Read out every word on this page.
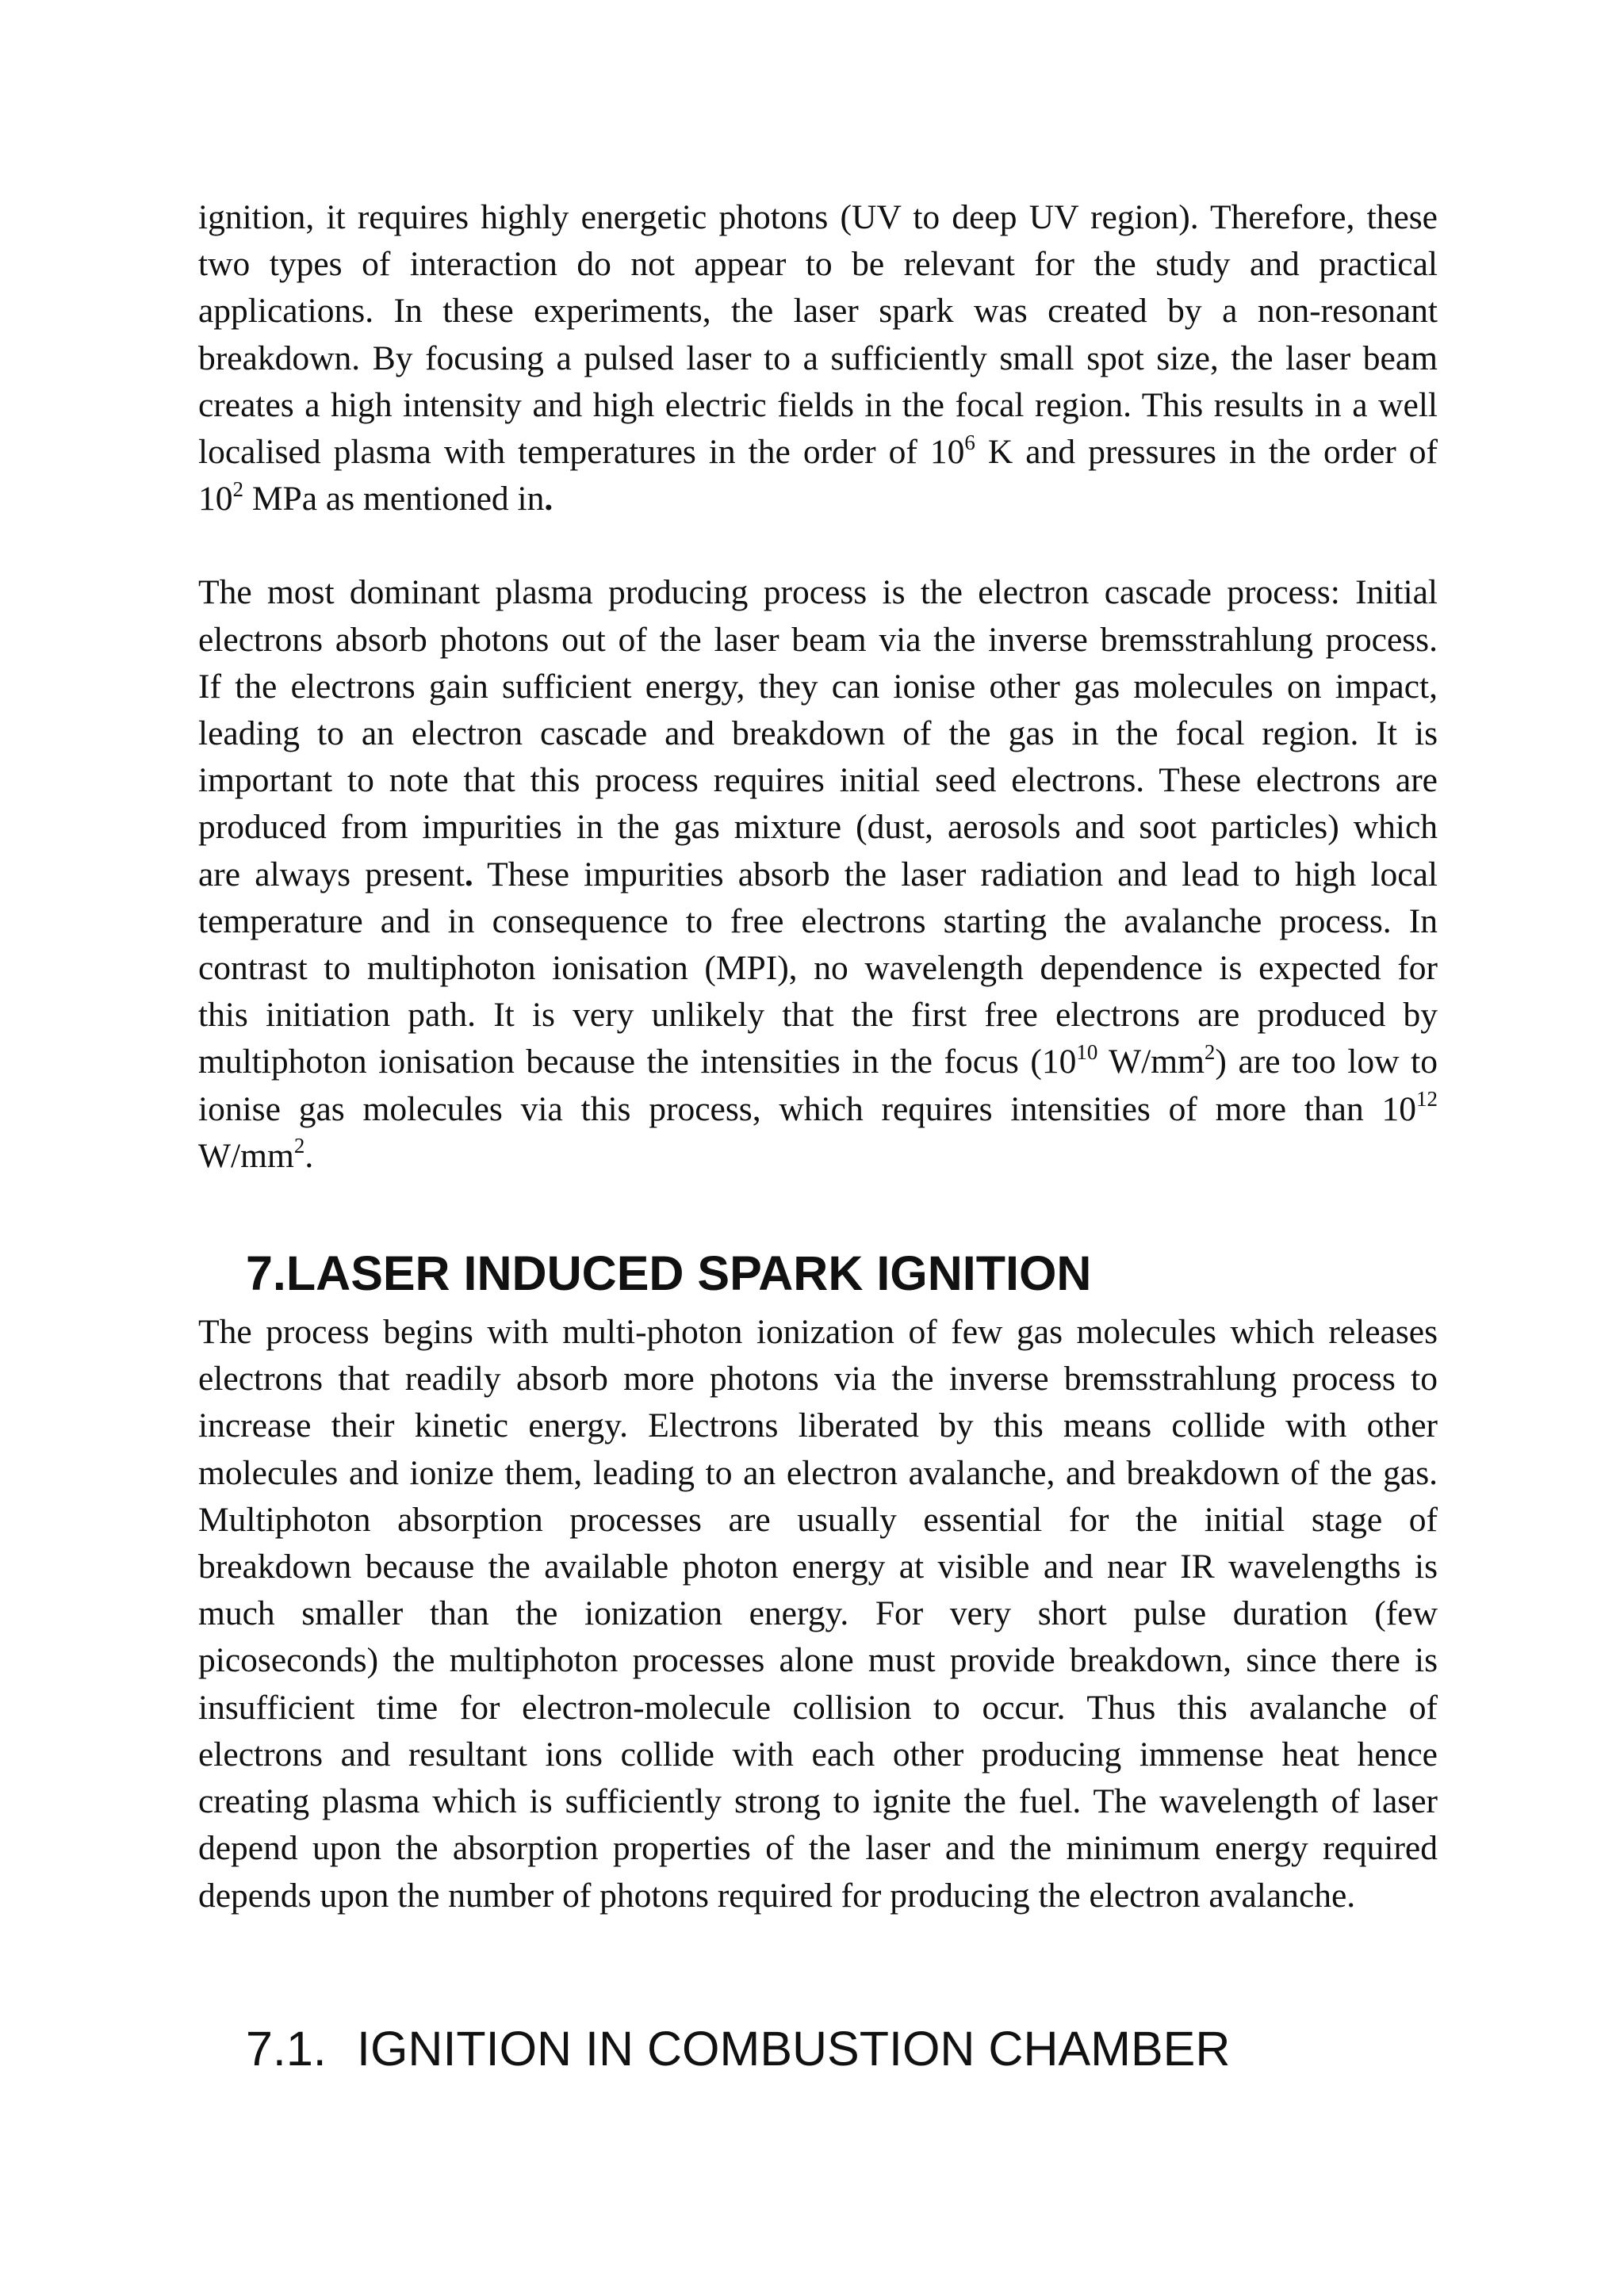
ignition, it requires highly energetic photons (UV to deep UV region). Therefore, these
two types of interaction do not appear to be relevant for the study and practical
applications. In these experiments, the laser spark was created by a non-resonant
breakdown. By focusing a pulsed laser to a sufficiently small spot size, the laser beam
creates a high intensity and high electric fields in the focal region. This results in a well
localised plasma with temperatures in the order of $10^6$ K and pressures in the order of
$10^2$ MPa as mentioned in.

The most dominant plasma producing process is the electron cascade process: Initial
electrons absorb photons out of the laser beam via the inverse bremsstrahlung process.
If the electrons gain sufficient energy, they can ionise other gas molecules on impact,
leading to an electron cascade and breakdown of the gas in the focal region. It is
important to note that this process requires initial seed electrons. These electrons are
produced from impurities in the gas mixture (dust, aerosols and soot particles) which
are always present. These impurities absorb the laser radiation and lead to high local
temperature and in consequence to free electrons starting the avalanche process. In
contrast to multiphoton ionisation (MPI), no wavelength dependence is expected for
this initiation path. It is very unlikely that the first free electrons are produced by
multiphoton ionisation because the intensities in the focus ($10^{10}$ $W/mm^2$) are too low to
ionise gas molecules via this process, which requires intensities of more than $10^{12}$
$W/mm^2$.

7. LASER INDUCED SPARK IGNITION

The process begins with multi-photon ionization of few gas molecules which releases
electrons that readily absorb more photons via the inverse bremsstrahlung process to
increase their kinetic energy. Electrons liberated by this means collide with other
molecules and ionize them, leading to an electron avalanche, and breakdown of the gas.
Multiphoton absorption processes are usually essential for the initial stage of
breakdown because the available photon energy at visible and near IR wavelengths is
much smaller than the ionization energy. For very short pulse duration (few
picoseconds) the multiphoton processes alone must provide breakdown, since there is
insufficient time for electron-molecule collision to occur. Thus this avalanche of
electrons and resultant ions collide with each other producing immense heat hence
creating plasma which is sufficiently strong to ignite the fuel. The wavelength of laser
depend upon the absorption properties of the laser and the minimum energy required
depends upon the number of photons required for producing the electron avalanche.

7.1. IGNITION IN COMBUSTION CHAMBER
